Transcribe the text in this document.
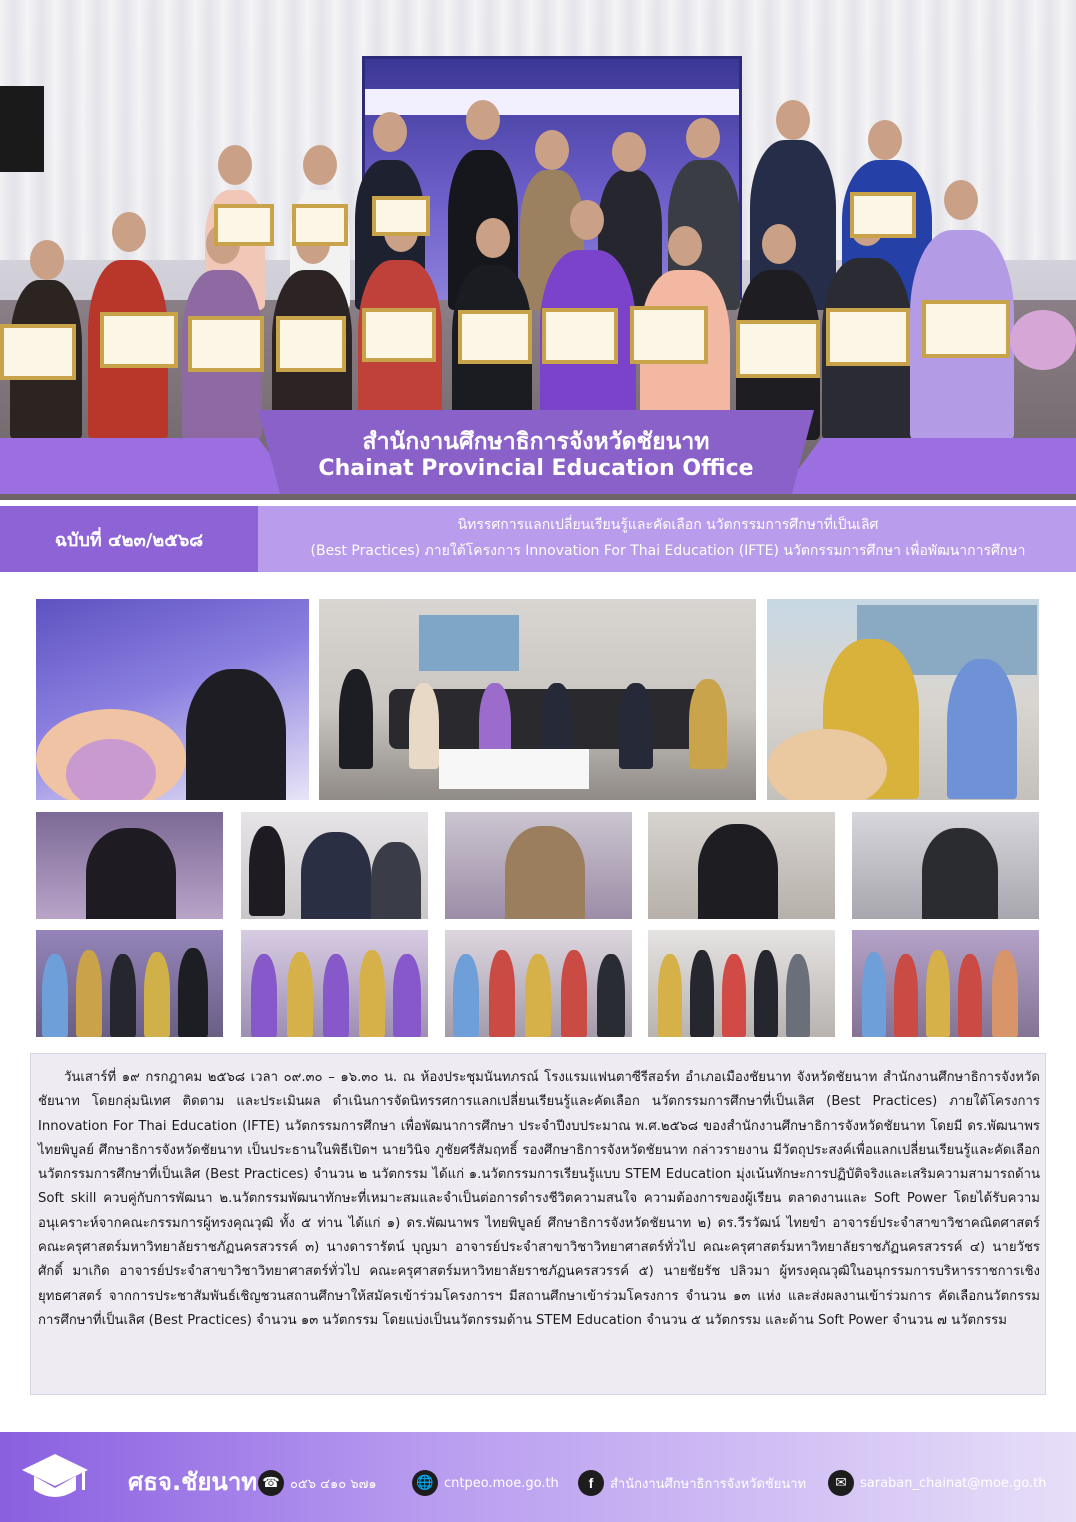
สำนักงานศึกษาธิการจังหวัดชัยนาท
Chainat Provincial Education Office
ฉบับที่ ๔๒๓/๒๕๖๘
นิทรรศการแลกเปลี่ยนเรียนรู้และคัดเลือก นวัตกรรมการศึกษาที่เป็นเลิศ
(Best Practices) ภายใต้โครงการ Innovation For Thai Education (IFTE) นวัตกรรมการศึกษา เพื่อพัฒนาการศึกษา

วันเสาร์ที่ ๑๙ กรกฎาคม ๒๕๖๘ เวลา ๐๙.๓๐ – ๑๖.๓๐ น. ณ ห้องประชุมนันทภรณ์ โรงแรมแฟนตาซีรีสอร์ท อำเภอเมืองชัยนาท จังหวัดชัยนาท สำนักงานศึกษาธิการจังหวัดชัยนาท โดยกลุ่มนิเทศ ติดตาม และประเมินผล ดำเนินการจัดนิทรรศการแลกเปลี่ยนเรียนรู้และคัดเลือก นวัตกรรมการศึกษาที่เป็นเลิศ (Best Practices) ภายใต้โครงการ Innovation For Thai Education (IFTE) นวัตกรรมการศึกษา เพื่อพัฒนาการศึกษา ประจำปีงบประมาณ พ.ศ.๒๕๖๘ ของสำนักงานศึกษาธิการจังหวัดชัยนาท โดยมี ดร.พัฒนาพร ไทยพิบูลย์ ศึกษาธิการจังหวัดชัยนาท เป็นประธานในพิธีเปิดฯ นายวินิจ ภูชัยศรีสัมฤทธิ์ รองศึกษาธิการจังหวัดชัยนาท กล่าวรายงาน มีวัตถุประสงค์เพื่อแลกเปลี่ยนเรียนรู้และคัดเลือกนวัตกรรมการศึกษาที่เป็นเลิศ (Best Practices) จำนวน ๒ นวัตกรรม ได้แก่ ๑.นวัตกรรมการเรียนรู้แบบ STEM Education มุ่งเน้นทักษะการปฏิบัติจริงและเสริมความสามารถด้าน Soft skill ควบคู่กับการพัฒนา ๒.นวัตกรรมพัฒนาทักษะที่เหมาะสมและจำเป็นต่อการดำรงชีวิตความสนใจ ความต้องการของผู้เรียน ตลาดงานและ Soft Power โดยได้รับความอนุเคราะห์จากคณะกรรมการผู้ทรงคุณวุฒิ ทั้ง ๕ ท่าน ได้แก่ ๑) ดร.พัฒนาพร ไทยพิบูลย์ ศึกษาธิการจังหวัดชัยนาท ๒) ดร.วีรวัฒน์ ไทยขำ อาจารย์ประจำสาขาวิชาคณิตศาสตร์ คณะครุศาสตร์มหาวิทยาลัยราชภัฏนครสวรรค์ ๓) นางดารารัตน์ บุญมา อาจารย์ประจำสาขาวิชาวิทยาศาสตร์ทั่วไป คณะครุศาสตร์มหาวิทยาลัยราชภัฏนครสวรรค์ ๔) นายวัชรศักดิ์ มาเกิด อาจารย์ประจำสาขาวิชาวิทยาศาสตร์ทั่วไป คณะครุศาสตร์มหาวิทยาลัยราชภัฏนครสวรรค์ ๕) นายชัยรัช ปลิวมา ผู้ทรงคุณวุฒิในอนุกรรมการบริหารราชการเชิงยุทธศาสตร์ จากการประชาสัมพันธ์เชิญชวนสถานศึกษาให้สมัครเข้าร่วมโครงการฯ มีสถานศึกษาเข้าร่วมโครงการ จำนวน ๑๓ แห่ง และส่งผลงานเข้าร่วมการ คัดเลือกนวัตกรรมการศึกษาที่เป็นเลิศ (Best Practices) จำนวน ๑๓ นวัตกรรม โดยแบ่งเป็นนวัตกรรมด้าน STEM Education จำนวน ๕ นวัตกรรม และด้าน Soft Power จำนวน ๗ นวัตกรรม

ศธจ.ชัยนาท ☎ ๐๕๖ ๔๑๐ ๖๗๑	🌐 cntpeo.moe.go.th	f	สำนักงานศึกษาธิการจังหวัดชัยนาท	✉	saraban_chainat@moe.go.th
